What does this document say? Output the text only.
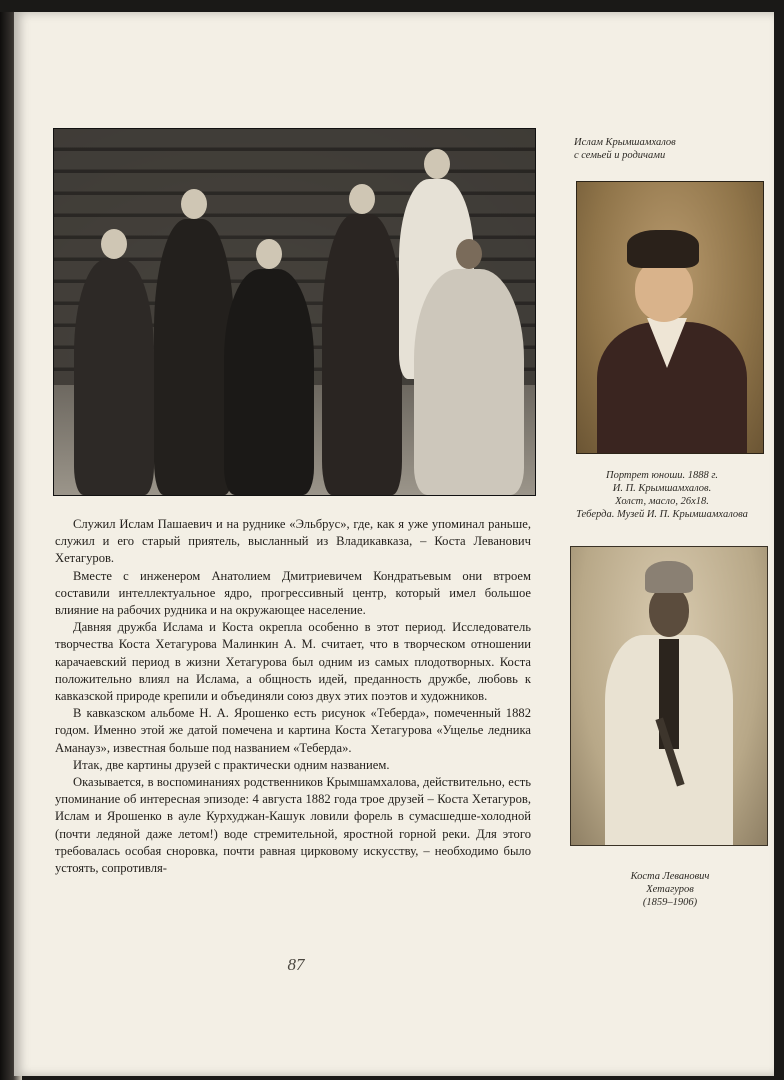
Ислам Крымшамхалов
с семьей и родичами
Портрет юноши. 1888 г.
И. П. Крымшамхалов.
Холст, масло, 26х18.
Теберда. Музей И. П. Крымшамхалова
Коста Леванович
Хетагуров
(1859–1906)

Служил Ислам Пашаевич и на руднике «Эльбрус», где, как я уже упоминал раньше, служил и его старый приятель, высланный из Владикавказа, – Коста Леванович Хетагуров.

Вместе с инженером Анатолием Дмитриевичем Кондратьевым они втроем составили интеллектуальное ядро, прогрессивный центр, который имел большое влияние на рабочих рудника и на окружающее население.

Давняя дружба Ислама и Коста окрепла особенно в этот период. Исследователь творчества Коста Хетагурова Малинкин А. М. считает, что в творческом отношении карачаевский период в жизни Хетагурова был одним из самых плодотворных. Коста положительно влиял на Ислама, а общность идей, преданность дружбе, любовь к кавказской природе крепили и объединяли союз двух этих поэтов и художников.

В кавказском альбоме Н. А. Ярошенко есть рисунок «Теберда», помеченный 1882 годом. Именно этой же датой помечена и картина Коста Хетагурова «Ущелье ледника Аманауз», известная больше под названием «Теберда».

Итак, две картины друзей с практически одним названием.

Оказывается, в воспоминаниях родственников Крымшамхалова, действительно, есть упоминание об интересная эпизоде: 4 августа 1882 года трое друзей – Коста Хетагуров, Ислам и Ярошенко в ауле Курхуджан-Кашук ловили форель в сумасшедше-холодной (почти ледяной даже летом!) воде стремительной, яростной горной реки. Для этого требовалась особая сноровка, почти равная цирковому искусству, – необходимо было устоять, сопротивля-

87
